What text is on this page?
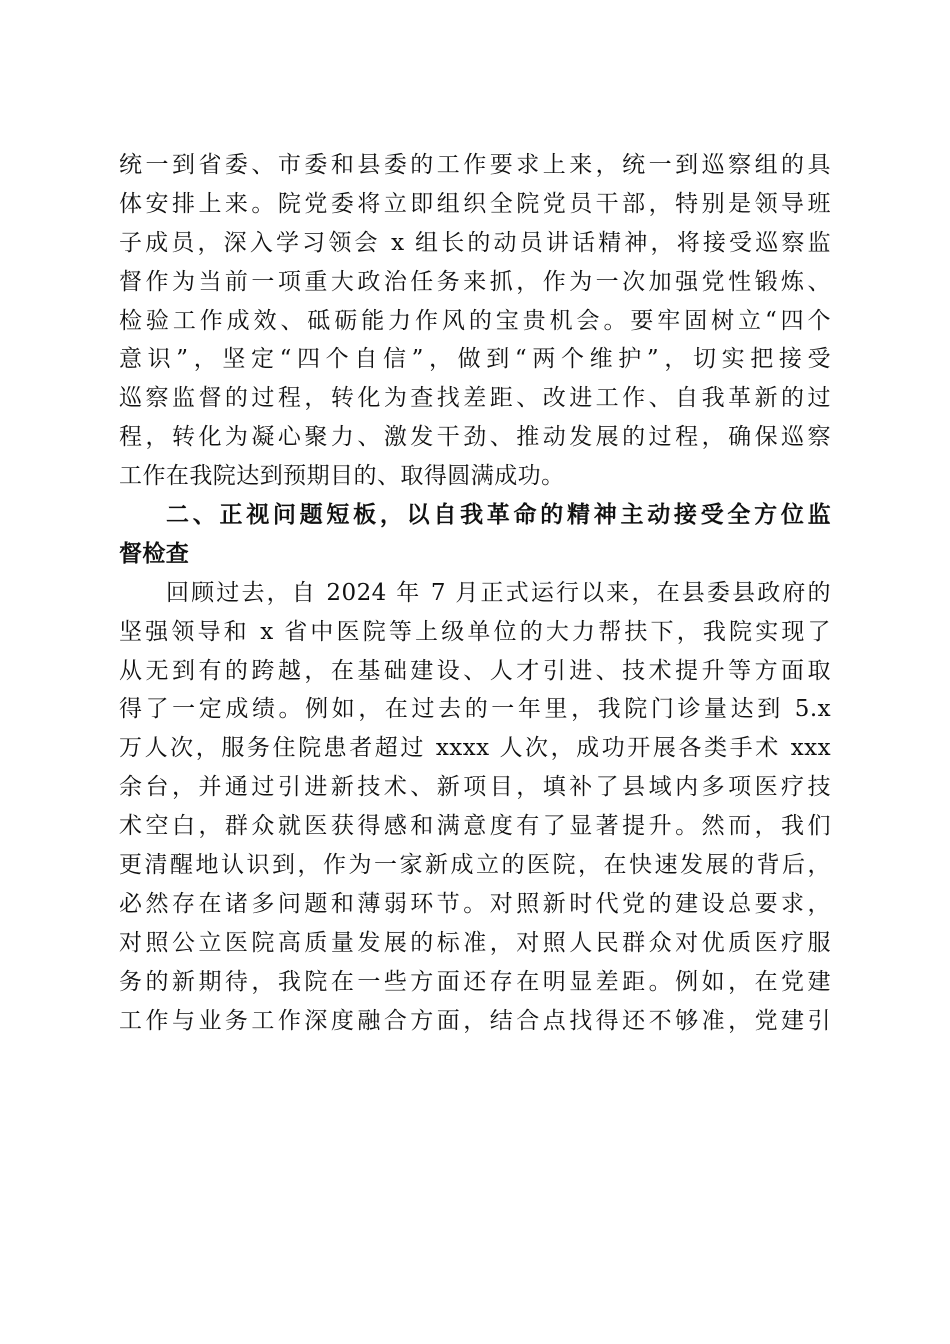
统一到省委、市委和县委的工作要求上来，统一到巡察组的具
体安排上来。院党委将立即组织全院党员干部，特别是领导班
子成员，深入学习领会 x 组长的动员讲话精神，将接受巡察监
督作为当前一项重大政治任务来抓，作为一次加强党性锻炼、
检验工作成效、砥砺能力作风的宝贵机会。要牢固树立“四个
意识”，坚定“四个自信”，做到“两个维护”，切实把接受
巡察监督的过程，转化为查找差距、改进工作、自我革新的过
程，转化为凝心聚力、激发干劲、推动发展的过程，确保巡察
工作在我院达到预期目的、取得圆满成功。
二、正视问题短板，以自我革命的精神主动接受全方位监
督检查
回顾过去，自 2024 年 7 月正式运行以来，在县委县政府的
坚强领导和 x 省中医院等上级单位的大力帮扶下，我院实现了
从无到有的跨越，在基础建设、人才引进、技术提升等方面取
得了一定成绩。例如，在过去的一年里，我院门诊量达到 5.x
万人次，服务住院患者超过 xxxx 人次，成功开展各类手术 xxx
余台，并通过引进新技术、新项目，填补了县域内多项医疗技
术空白，群众就医获得感和满意度有了显著提升。然而，我们
更清醒地认识到，作为一家新成立的医院，在快速发展的背后，
必然存在诸多问题和薄弱环节。对照新时代党的建设总要求，
对照公立医院高质量发展的标准，对照人民群众对优质医疗服
务的新期待，我院在一些方面还存在明显差距。例如，在党建
工作与业务工作深度融合方面，结合点找得还不够准，党建引
